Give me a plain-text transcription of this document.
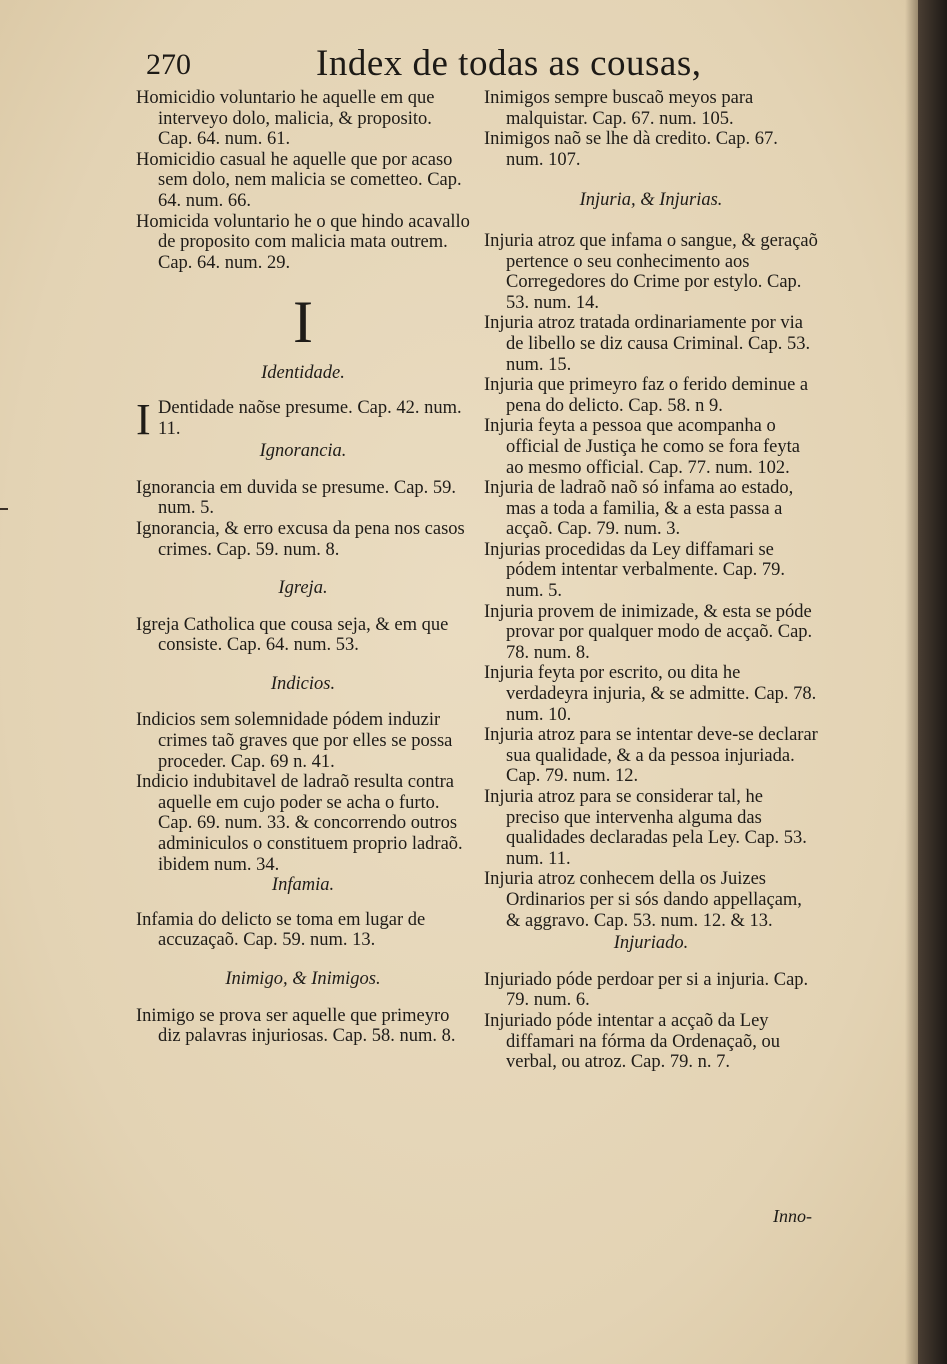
270	Index de todas as cousas,

Homicidio voluntario he aquelle em que interveyo dolo, malicia, & proposito. Cap. 64. num. 61.

Homicidio casual he aquelle que por acaso sem dolo, nem malicia se cometteo. Cap. 64. num. 66.

Homicida voluntario he o que hindo acavallo de proposito com malicia mata outrem. Cap. 64. num. 29.

I

Identidade.

I Dentidade naõse presume. Cap. 42. num. 11.

Ignorancia.

Ignorancia em duvida se presume. Cap. 59. num. 5.

Ignorancia, & erro excusa da pena nos casos crimes. Cap. 59. num. 8.

Igreja.

Igreja Catholica que cousa seja, & em que consiste. Cap. 64. num. 53.

Indicios.

Indicios sem solemnidade pódem induzir crimes taõ graves que por elles se possa proceder. Cap. 69 n. 41.

Indicio indubitavel de ladraõ resulta contra aquelle em cujo poder se acha o furto. Cap. 69. num. 33. & concorrendo outros adminiculos o constituem proprio ladraõ. ibidem num. 34.

Infamia.

Infamia do delicto se toma em lugar de accuzaçaõ. Cap. 59. num. 13.

Inimigo, & Inimigos.

Inimigo se prova ser aquelle que primeyro diz palavras injuriosas. Cap. 58. num. 8.

Inimigos sempre buscaõ meyos para malquistar. Cap. 67. num. 105.

Inimigos naõ se lhe dà credito. Cap. 67. num. 107.

Injuria, & Injurias.

Injuria atroz que infama o sangue, & geraçaõ pertence o seu conhecimento aos Corregedores do Crime por estylo. Cap. 53. num. 14.

Injuria atroz tratada ordinariamente por via de libello se diz causa Criminal. Cap. 53. num. 15.

Injuria que primeyro faz o ferido deminue a pena do delicto. Cap. 58. n 9.

Injuria feyta a pessoa que acompanha o official de Justiça he como se fora feyta ao mesmo official. Cap. 77. num. 102.

Injuria de ladraõ naõ só infama ao estado, mas a toda a familia, & a esta passa a acçaõ. Cap. 79. num. 3.

Injurias procedidas da Ley diffamari se pódem intentar verbalmente. Cap. 79. num. 5.

Injuria provem de inimizade, & esta se póde provar por qualquer modo de acçaõ. Cap. 78. num. 8.

Injuria feyta por escrito, ou dita he verdadeyra injuria, & se admitte. Cap. 78. num. 10.

Injuria atroz para se intentar deve-se declarar sua qualidade, & a da pessoa injuriada. Cap. 79. num. 12.

Injuria atroz para se considerar tal, he preciso que intervenha alguma das qualidades declaradas pela Ley. Cap. 53. num. 11.

Injuria atroz conhecem della os Juizes Ordinarios per si sós dando appellaçam, & aggravo. Cap. 53. num. 12. & 13.

Injuriado.

Injuriado póde perdoar per si a injuria. Cap. 79. num. 6.

Injuriado póde intentar a acçaõ da Ley diffamari na fórma da Ordenaçaõ, ou verbal, ou atroz. Cap. 79. n. 7.

Inno-
